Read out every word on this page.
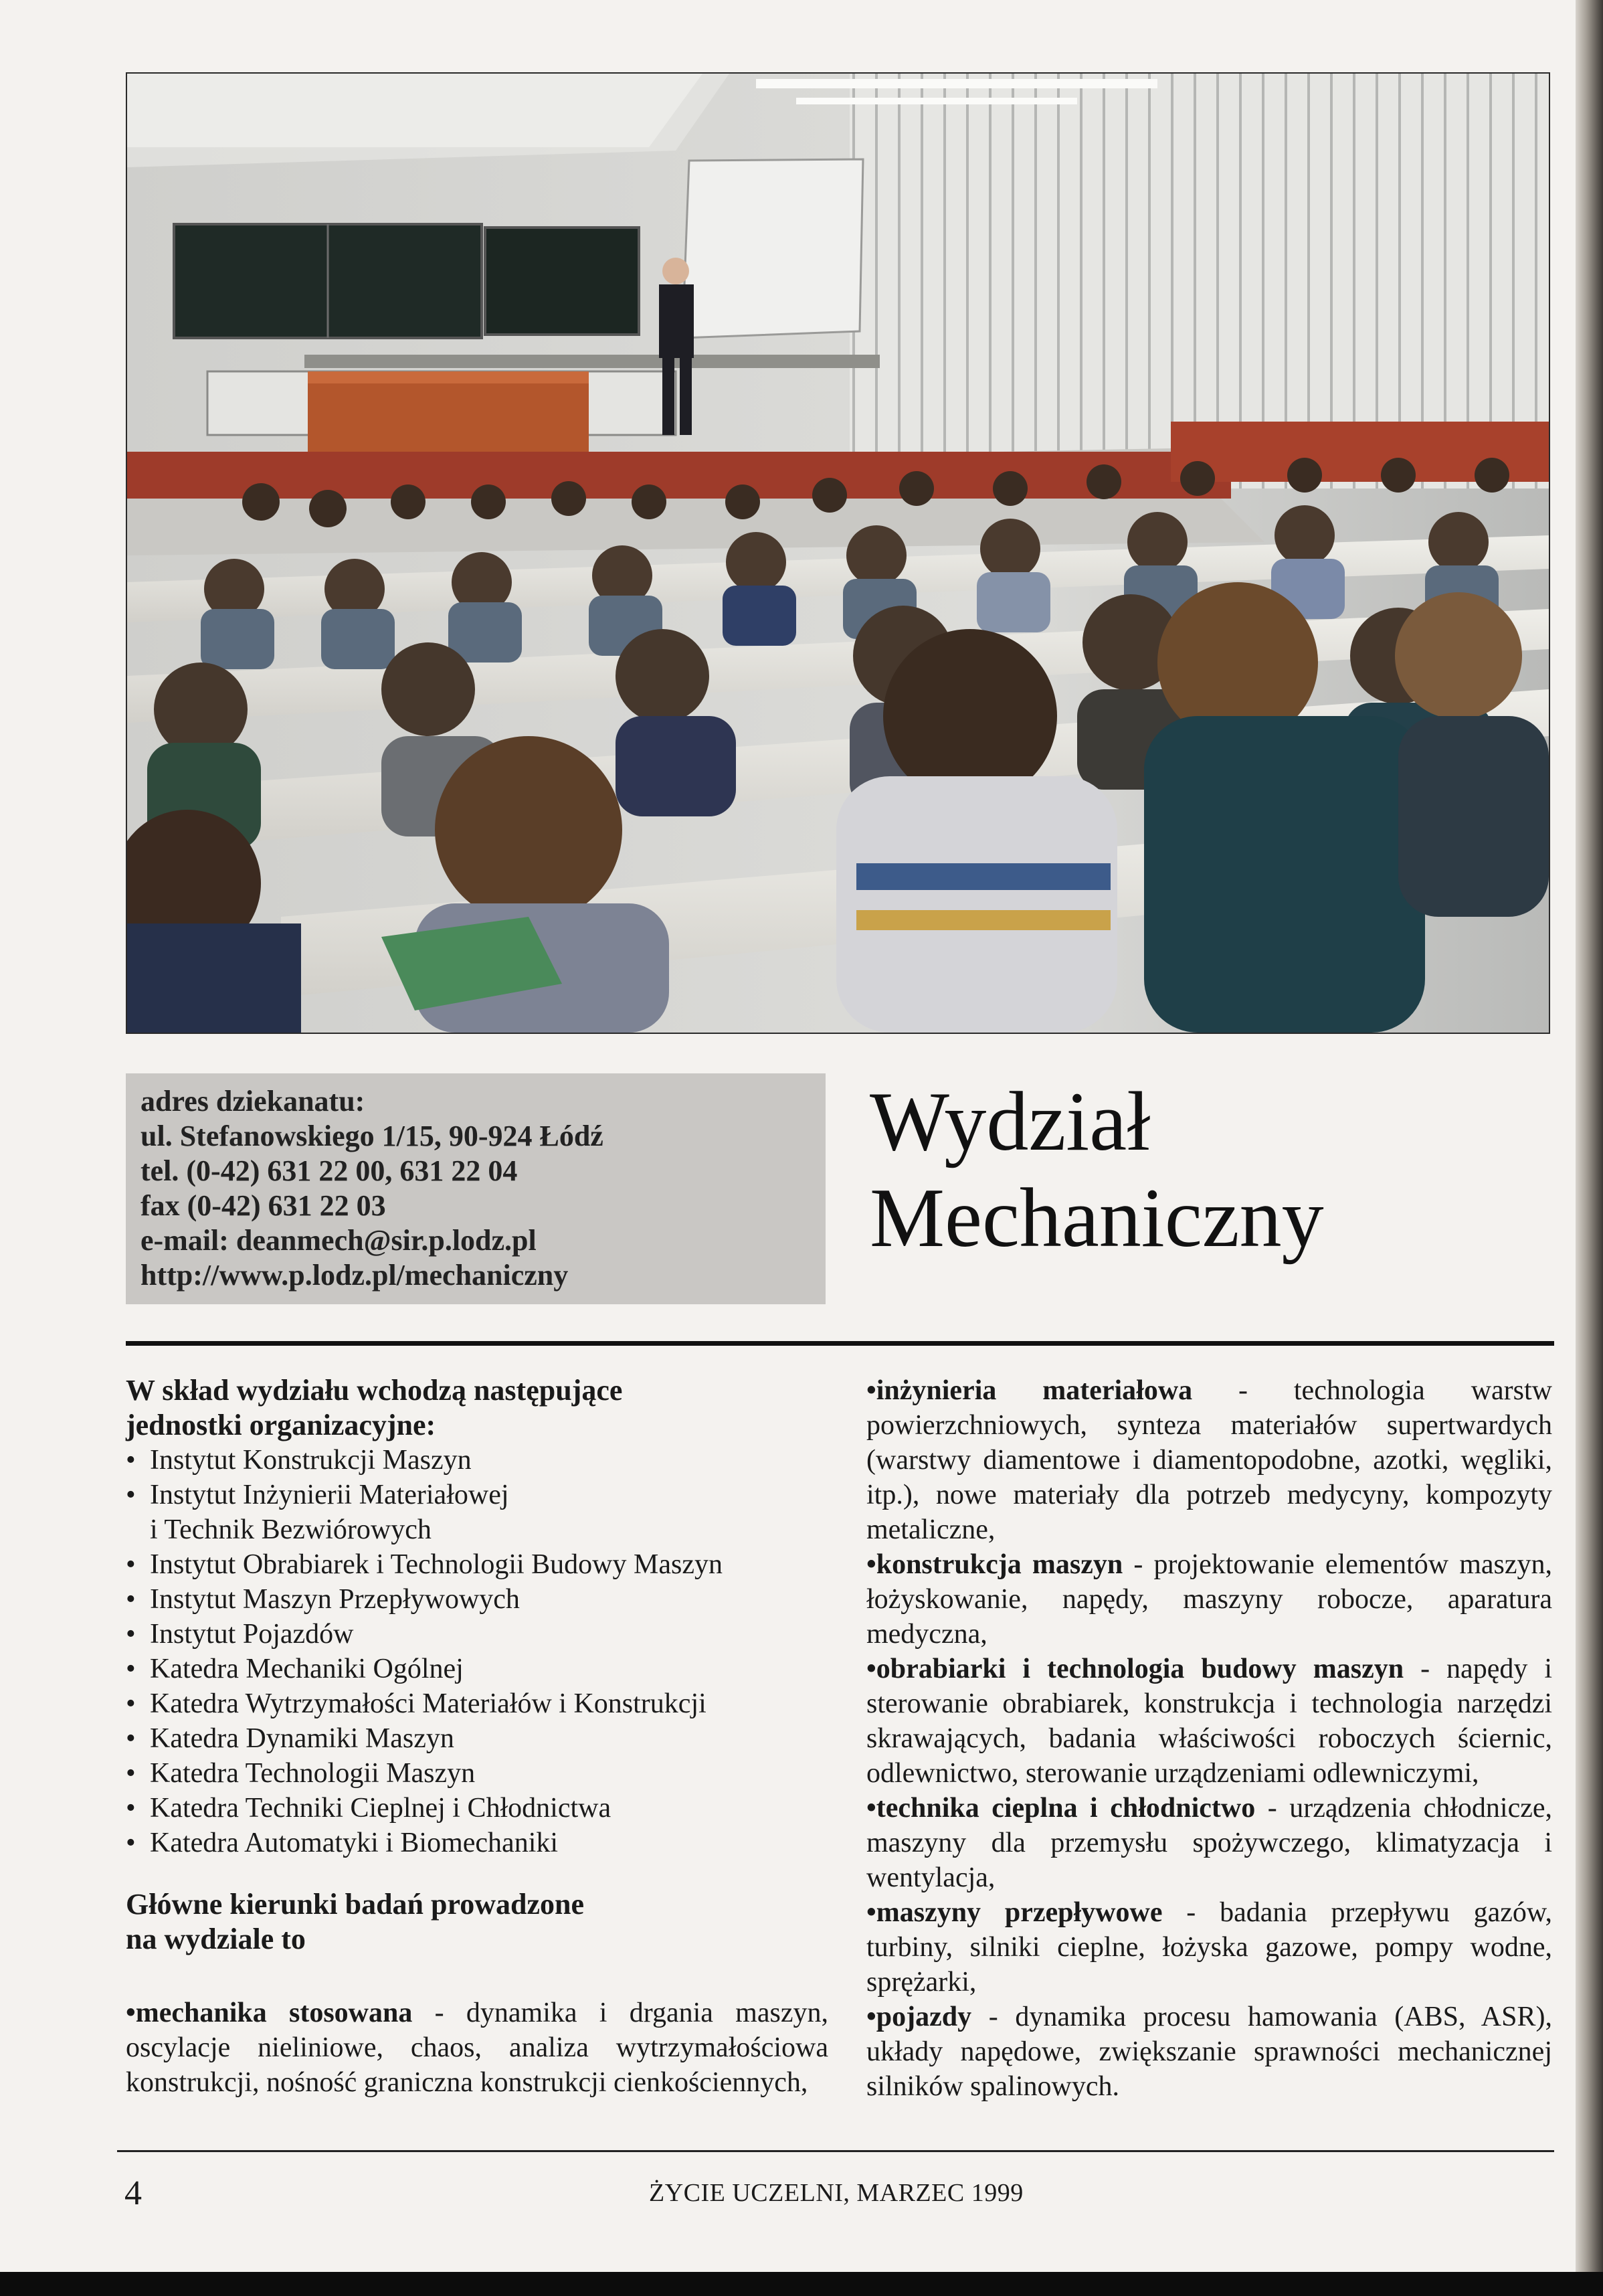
adres dziekanatu:
ul. Stefanowskiego 1/15, 90-924 Łódź
tel. (0-42) 631 22 00, 631 22 04
fax (0-42) 631 22 03
e-mail: deanmech@sir.p.lodz.pl
http://www.p.lodz.pl/mechaniczny
Wydział
Mechaniczny
W skład wydziału wchodzą następujące
jednostki organizacyjne:
• Instytut Konstrukcji Maszyn
• Instytut Inżynierii Materiałowej
i Technik Bezwiórowych
• Instytut Obrabiarek i Technologii Budowy Maszyn
• Instytut Maszyn Przepływowych
• Instytut Pojazdów
• Katedra Mechaniki Ogólnej
• Katedra Wytrzymałości Materiałów i Konstrukcji
• Katedra Dynamiki Maszyn
• Katedra Technologii Maszyn
• Katedra Techniki Cieplnej i Chłodnictwa
• Katedra Automatyki i Biomechaniki
Główne kierunki badań prowadzone
na wydziale to

• mechanika stosowana - dynamika i drgania maszyn, oscylacje nieliniowe, chaos, analiza wytrzymałościowa konstrukcji, nośność graniczna konstrukcji cienkościennych,

• inżynieria materiałowa - technologia warstw powierzchniowych, synteza materiałów supertwardych (warstwy diamentowe i diamentopodobne, azotki, węgliki, itp.), nowe materiały dla potrzeb medycyny, kompozyty metaliczne,

• konstrukcja maszyn - projektowanie elementów maszyn, łożyskowanie, napędy, maszyny robocze, aparatura medyczna,

• obrabiarki i technologia budowy maszyn - napędy i sterowanie obrabiarek, konstrukcja i technologia narzędzi skrawających, badania właściwości roboczych ściernic, odlewnictwo, sterowanie urządzeniami odlewniczymi,

• technika cieplna i chłodnictwo - urządzenia chłodnicze, maszyny dla przemysłu spożywczego, klimatyzacja i wentylacja,

• maszyny przepływowe - badania przepływu gazów, turbiny, silniki cieplne, łożyska gazowe, pompy wodne, sprężarki,

• pojazdy - dynamika procesu hamowania (ABS, ASR), układy napędowe, zwiększanie sprawności mechanicznej silników spalinowych.

4	ŻYCIE UCZELNI, MARZEC 1999
